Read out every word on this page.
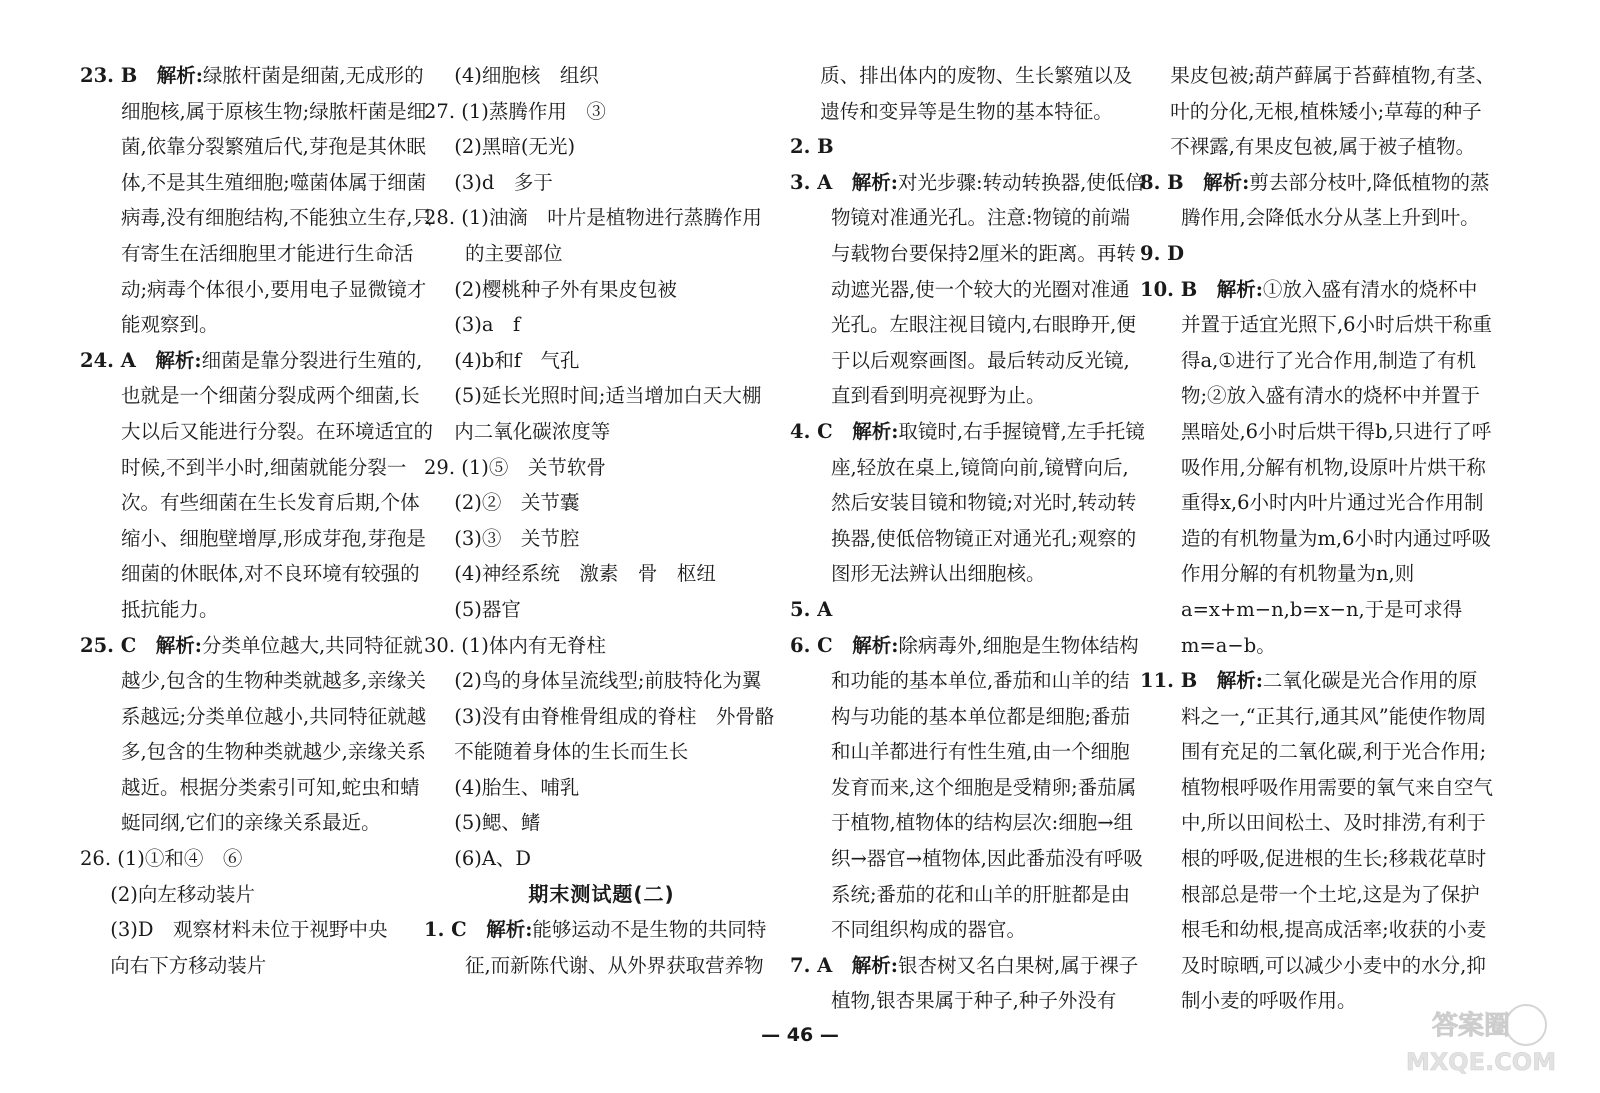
23. B　 解析:绿脓杆菌是细菌,无成形的细胞核,属于原核生物;绿脓杆菌是细菌,依靠分裂繁殖后代,芽孢是其休眠体,不是其生殖细胞;噬菌体属于细菌病毒,没有细胞结构,不能独立生存,只有寄生在活细胞里才能进行生命活动;病毒个体很小,要用电子显微镜才能观察到。

24. A　 解析:细菌是靠分裂进行生殖的,也就是一个细菌分裂成两个细菌,长大以后又能进行分裂。在环境适宜的时候,不到半小时,细菌就能分裂一次。有些细菌在生长发育后期,个体缩小、细胞壁增厚,形成芽孢,芽孢是细菌的休眠体,对不良环境有较强的抵抗能力。

25. C　 解析:分类单位越大,共同特征就越少,包含的生物种类就越多,亲缘关系越远;分类单位越小,共同特征就越多,包含的生物种类就越少,亲缘关系越近。根据分类索引可知,蛇虫和蜻蜓同纲,它们的亲缘关系最近。

26. (1)①和④　⑥

(2)向左移动装片

(3)D　观察材料未位于视野中央

向右下方移动装片

(4)细胞核　组织

27. (1)蒸腾作用　③

(2)黑暗(无光)

(3)d　多于

28. (1)油滴　叶片是植物进行蒸腾作用的主要部位

(2)樱桃种子外有果皮包被

(3)a　f

(4)b和f　气孔

(5)延长光照时间;适当增加白天大棚内二氧化碳浓度等

29. (1)⑤　关节软骨

(2)②　关节囊

(3)③　关节腔

(4)神经系统　激素　骨　枢纽

(5)器官

30. (1)体内有无脊柱

(2)鸟的身体呈流线型;前肢特化为翼

(3)没有由脊椎骨组成的脊柱　外骨骼不能随着身体的生长而生长

(4)胎生、哺乳

(5)鳃、鳍

(6)A、D

期末测试题(二)

1. C　 解析:能够运动不是生物的共同特征,而新陈代谢、从外界获取营养物

质、排出体内的废物、生长繁殖以及遗传和变异等是生物的基本特征。

2. B

3. A　 解析:对光步骤:转动转换器,使低倍物镜对准通光孔。注意:物镜的前端与载物台要保持2厘米的距离。再转动遮光器,使一个较大的光圈对准通光孔。左眼注视目镜内,右眼睁开,便于以后观察画图。最后转动反光镜,直到看到明亮视野为止。

4. C　 解析:取镜时,右手握镜臂,左手托镜座,轻放在桌上,镜筒向前,镜臂向后,然后安装目镜和物镜;对光时,转动转换器,使低倍物镜正对通光孔;观察的图形无法辨认出细胞核。

5. A

6. C　 解析:除病毒外,细胞是生物体结构和功能的基本单位,番茄和山羊的结构与功能的基本单位都是细胞;番茄和山羊都进行有性生殖,由一个细胞发育而来,这个细胞是受精卵;番茄属于植物,植物体的结构层次:细胞→组织→器官→植物体,因此番茄没有呼吸系统;番茄的花和山羊的肝脏都是由不同组织构成的器官。

7. A　 解析:银杏树又名白果树,属于裸子植物,银杏果属于种子,种子外没有

果皮包被;葫芦藓属于苔藓植物,有茎、叶的分化,无根,植株矮小;草莓的种子不裸露,有果皮包被,属于被子植物。

8. B　 解析:剪去部分枝叶,降低植物的蒸腾作用,会降低水分从茎上升到叶。

9. D

10. B　 解析:①放入盛有清水的烧杯中并置于适宜光照下,6小时后烘干称重得a,①进行了光合作用,制造了有机物;②放入盛有清水的烧杯中并置于黑暗处,6小时后烘干得b,只进行了呼吸作用,分解有机物,设原叶片烘干称重得x,6小时内叶片通过光合作用制造的有机物量为m,6小时内通过呼吸作用分解的有机物量为n,则a=x+m−n,b=x−n,于是可求得m=a−b。

11. B　 解析:二氧化碳是光合作用的原料之一,“正其行,通其风”能使作物周围有充足的二氧化碳,利于光合作用;植物根呼吸作用需要的氧气来自空气中,所以田间松土、及时排涝,有利于根的呼吸,促进根的生长;移栽花草时根部总是带一个土坨,这是为了保护根毛和幼根,提高成活率;收获的小麦及时晾晒,可以减少小麦中的水分,抑制小麦的呼吸作用。

— 46 —	答案圈
MXQE.COM
